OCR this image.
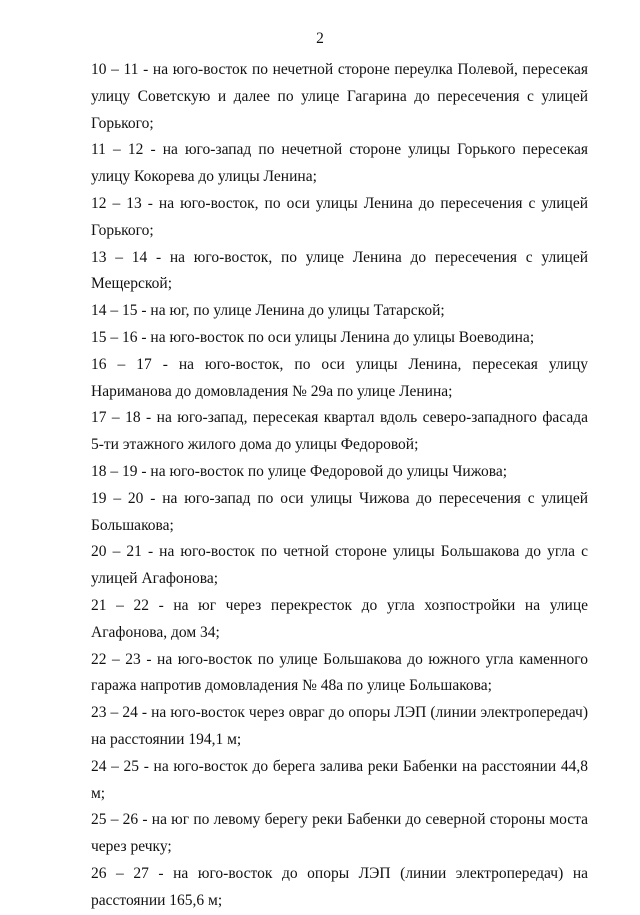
2

10 – 11 - на юго-восток по нечетной стороне переулка Полевой, пересекая улицу Советскую и далее по улице Гагарина до пересечения с улицей Горького;

11 – 12 - на юго-запад по нечетной стороне улицы Горького пересекая улицу Кокорева до улицы Ленина;

12 – 13 - на юго-восток, по оси улицы Ленина до пересечения с улицей Горького;

13 – 14 - на юго-восток, по улице Ленина до пересечения с улицей Мещерской;

14 – 15 - на юг, по улице Ленина до улицы Татарской;

15 – 16 - на юго-восток по оси улицы Ленина до улицы Воеводина;

16 – 17 - на юго-восток, по оси улицы Ленина, пересекая улицу Нариманова до домовладения № 29а по улице Ленина;

17 – 18 - на юго-запад, пересекая квартал вдоль северо-западного фасада 5-ти этажного жилого дома до улицы Федоровой;

18 – 19 - на юго-восток по улице Федоровой до улицы Чижова;

19 – 20 - на юго-запад по оси улицы Чижова до пересечения с улицей Большакова;

20 – 21 - на юго-восток по четной стороне улицы Большакова до угла с улицей Агафонова;

21 – 22 - на юг через перекресток до угла хозпостройки на улице Агафонова, дом 34;

22 – 23 - на юго-восток по улице Большакова до южного угла каменного гаража напротив домовладения № 48а по улице Большакова;

23 – 24 - на юго-восток через овраг до опоры ЛЭП (линии электропередач) на расстоянии 194,1 м;

24 – 25 - на юго-восток до берега залива реки Бабенки на расстоянии 44,8 м;

25 – 26 - на юг по левому берегу реки Бабенки до северной стороны моста через речку;

26 – 27 - на юго-восток до опоры ЛЭП (линии электропередач) на расстоянии 165,6 м;
